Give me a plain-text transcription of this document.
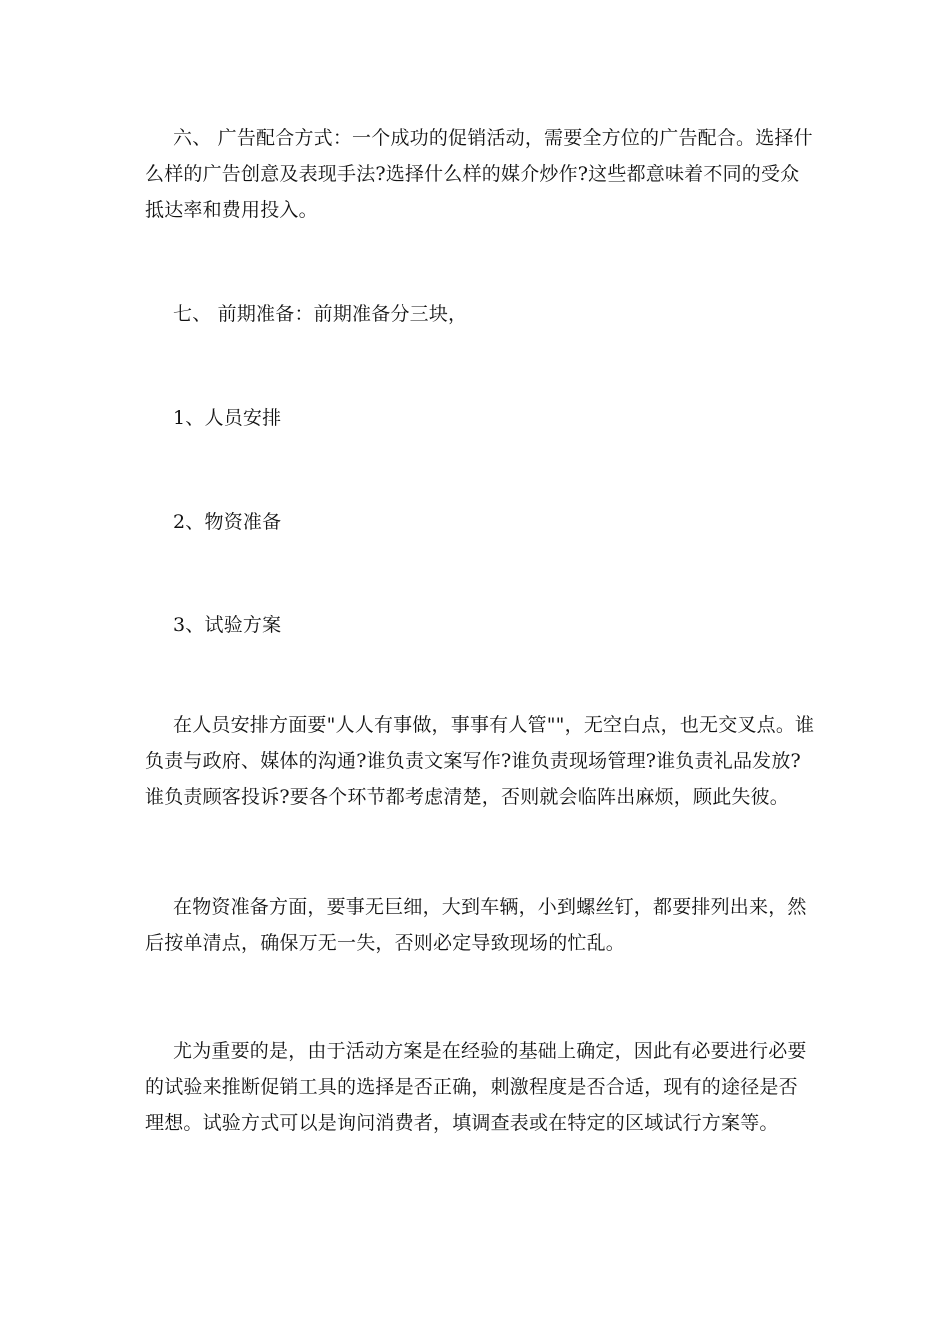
六、 广告配合方式：一个成功的促销活动，需要全方位的广告配合。选择什么样的广告创意及表现手法?选择什么样的媒介炒作?这些都意味着不同的受众抵达率和费用投入。

七、 前期准备：前期准备分三块，

1、人员安排

2、物资准备

3、试验方案

在人员安排方面要"人人有事做，事事有人管""，无空白点，也无交叉点。谁负责与政府、媒体的沟通?谁负责文案写作?谁负责现场管理?谁负责礼品发放?谁负责顾客投诉?要各个环节都考虑清楚，否则就会临阵出麻烦，顾此失彼。

在物资准备方面，要事无巨细，大到车辆，小到螺丝钉，都要排列出来，然后按单清点，确保万无一失，否则必定导致现场的忙乱。

尤为重要的是，由于活动方案是在经验的基础上确定，因此有必要进行必要的试验来推断促销工具的选择是否正确，刺激程度是否合适，现有的途径是否理想。试验方式可以是询问消费者，填调查表或在特定的区域试行方案等。
